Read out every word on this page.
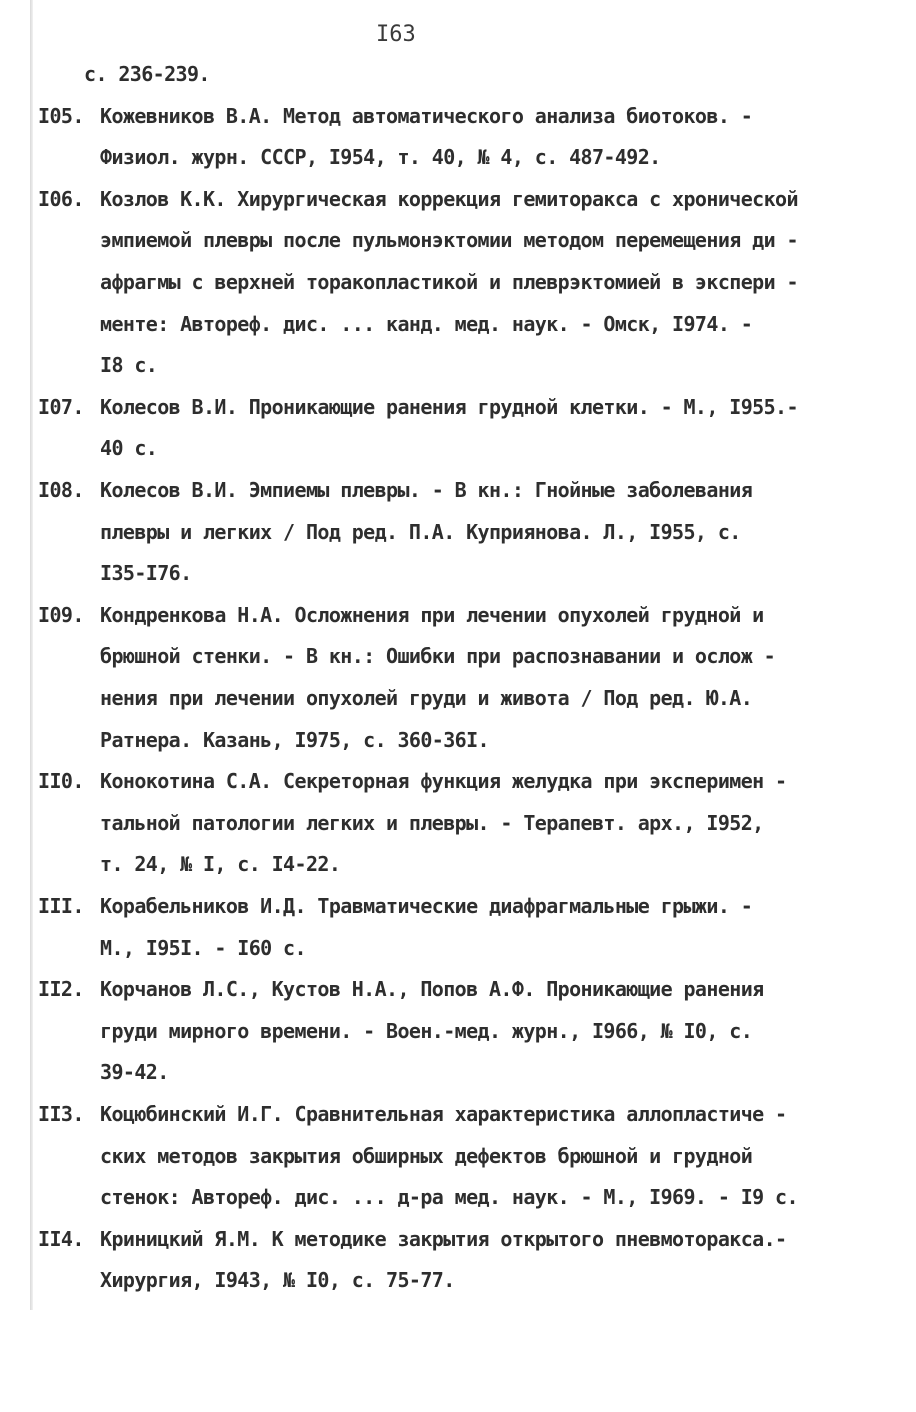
I63
с. 236-239.
I05. Кожевников В.А. Метод автоматического анализа биотоков. -
Физиол. журн. СССР, I954, т. 40, № 4, с. 487-492.
I06. Козлов К.К. Хирургическая коррекция гемиторакса с хронической
эмпиемой плевры после пульмонэктомии методом перемещения ди -
афрагмы с верхней торакопластикой и плеврэктомией в экспери -
менте: Автореф. дис. ... канд. мед. наук. - Омск, I974. -
I8 с.
I07. Колесов В.И. Проникающие ранения грудной клетки. - М., I955.-
40 с.
I08. Колесов В.И. Эмпиемы плевры. - В кн.: Гнойные заболевания
плевры и легких / Под ред. П.А. Куприянова. Л., I955, с.
I35-I76.
I09. Кондренкова Н.А. Осложнения при лечении опухолей грудной и
брюшной стенки. - В кн.: Ошибки при распознавании и ослож -
нения при лечении опухолей груди и живота / Под ред. Ю.А.
Ратнера. Казань, I975, с. 360-36I.
II0. Конокотина С.А. Секреторная функция желудка при эксперимен -
тальной патологии легких и плевры. - Терапевт. арх., I952,
т. 24, № I, с. I4-22.
III. Корабельников И.Д. Травматические диафрагмальные грыжи. -
М., I95I. - I60 с.
II2. Корчанов Л.С., Кустов Н.А., Попов А.Ф. Проникающие ранения
груди мирного времени. - Воен.-мед. журн., I966, № I0, с.
39-42.
II3. Коцюбинский И.Г. Сравнительная характеристика аллопластиче -
ских методов закрытия обширных дефектов брюшной и грудной
стенок: Автореф. дис. ... д-ра мед. наук. - М., I969. - I9 с.
II4. Криницкий Я.М. К методике закрытия открытого пневмоторакса.-
Хирургия, I943, № I0, с. 75-77.
